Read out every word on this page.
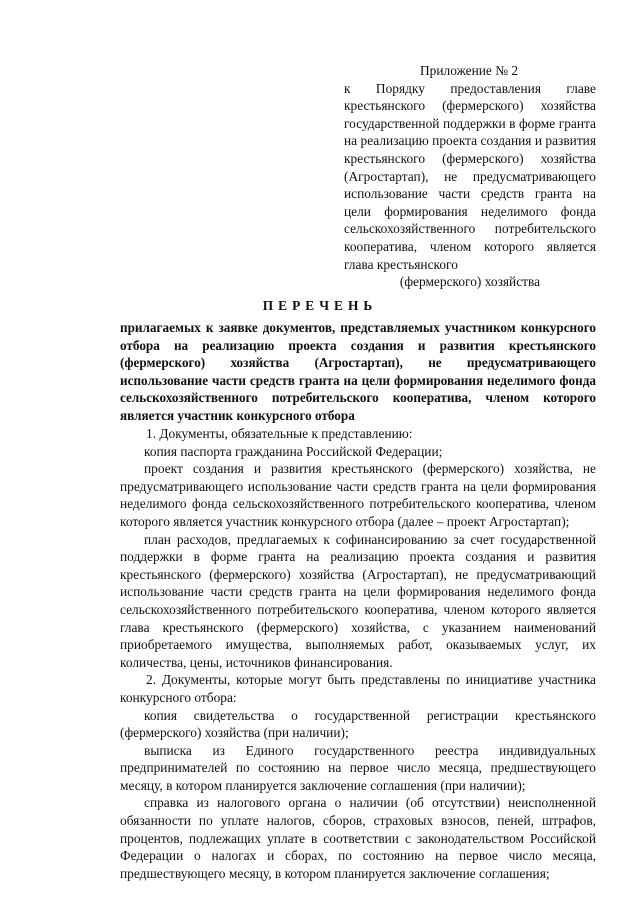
Приложение № 2
к Порядку предоставления главе крестьянского (фермерского) хозяйства государственной поддержки в форме гранта на реализацию проекта создания и развития крестьянского (фермерского) хозяйства (Агростартап), не предусматривающего использование части средств гранта на цели формирования неделимого фонда сельскохозяйственного потребительского кооператива, членом которого является глава крестьянского
(фермерского) хозяйства
ПЕРЕЧЕНЬ
прилагаемых к заявке документов, представляемых участником конкурсного отбора на реализацию проекта создания и развития крестьянского (фермерского) хозяйства (Агростартап), не предусматривающего использование части средств гранта на цели формирования неделимого фонда сельскохозяйственного потребительского кооператива, членом которого является участник конкурсного отбора

1. Документы, обязательные к представлению:

копия паспорта гражданина Российской Федерации;

проект создания и развития крестьянского (фермерского) хозяйства, не предусматривающего использование части средств гранта на цели формирования неделимого фонда сельскохозяйственного потребительского кооператива, членом которого является участник конкурсного отбора (далее – проект Агростартап);

план расходов, предлагаемых к софинансированию за счет государственной поддержки в форме гранта на реализацию проекта создания и развития крестьянского (фермерского) хозяйства (Агростартап), не предусматривающий использование части средств гранта на цели формирования неделимого фонда сельскохозяйственного потребительского кооператива, членом которого является глава крестьянского (фермерского) хозяйства, с указанием наименований приобретаемого имущества, выполняемых работ, оказываемых услуг, их количества, цены, источников финансирования.

2. Документы, которые могут быть представлены по инициативе участника конкурсного отбора:

копия свидетельства о государственной регистрации крестьянского (фермерского) хозяйства (при наличии);

выписка из Единого государственного реестра индивидуальных предпринимателей по состоянию на первое число месяца, предшествующего месяцу, в котором планируется заключение соглашения (при наличии);

справка из налогового органа о наличии (об отсутствии) неисполненной обязанности по уплате налогов, сборов, страховых взносов, пеней, штрафов, процентов, подлежащих уплате в соответствии с законодательством Российской Федерации о налогах и сборах, по состоянию на первое число месяца, предшествующего месяцу, в котором планируется заключение соглашения;
